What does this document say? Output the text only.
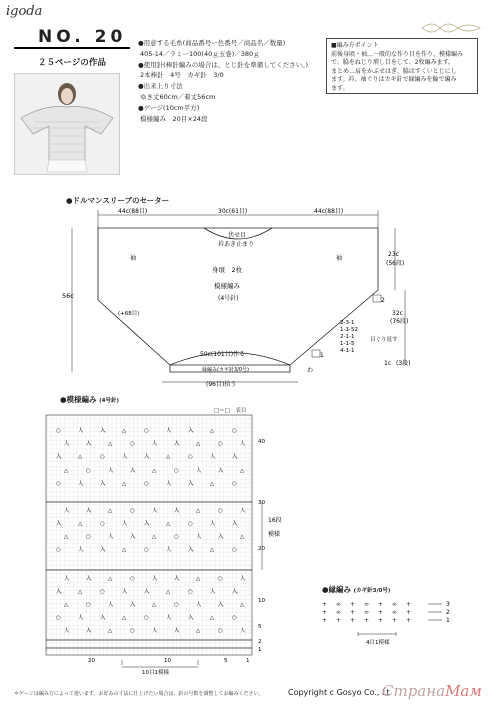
igoda
NO. 20
２５ページの作品
●用意する毛糸(商品番号ー色番号／商品名／数量)
405-14／ラミー100(40ｇ玉巻)／380ｇ
●使用針(棒針編みの場合は、とじ針を準備してください。)
2本棒針　4号　カギ針　3/0
●出来上り寸法
ゆき丈60cm／着丈56cm
●ゲージ(10cm平方)
模様編み　20目×24段
■編み方ポイント
前後身頃・袖…一般的な作り目を作り、模様編み
で、脇をねじり増し目をして、2枚編みます。
まとめ…肩をかぶせはぎ、脇はすくいとじにし
ます。衿、袖ぐりはカギ針で縁編みを輪で編み
ます。
●ドルマンスリーブのセーター
44c(88目)	30c(61目)	44c(88目)
伏せ目
衿あき止まり
袖	袖
身頃　2枚
模様編み
(4号針)
56c
23c
(56段)
32c
(76段)
(+68目)
2-3-1
1-1-52
2-1-1
1-1-5
4-1-1
目ぐり返す
2
1
50c(101目)作る
縁編み(カギ針3/0号)
(96目)拾う
1c (3段)
わ
●模様編み (4号針)
□＝□　表目
○	人	入	△	○	人	入	△	○
人	入	△	○	人	入	△	○	人
入	△	○	人	入	△	○	人	入
△	○	人	入	△	○	人	入	△
○	人	入	△	○	人	入	△	○
人	入	△	○	人	入	△	○	人
入	△	○	人	入	△	○	人	入
△	○	人	入	△	○	人	入	△
○	人	入	△	○	人	入	△	○
人	入	△	○	人	入	△	○	人
入	△	○	人	入	△	○	人	入
△	○	人	入	△	○	人	入	△
○	人	入	△	○	人	入	△	○
人	入	△	○	人	入	△	○	人
40
30
20
10
5
2
1
20	10	5	1
16段
模様
10目1模様
●縁編み (カギ針3/0号)
+ ∞ + ∞ + ∞ +
+ ∞ + ∞ + ∞ +
+ + + + + + +
3
2
1
4目1模様
＊ゲージは編み方によって違います。お好みの寸法に仕上げたい場合は、針の号数を調整してお編みください。	Copyright c Gosyo Co., Lt
СтранаМам
